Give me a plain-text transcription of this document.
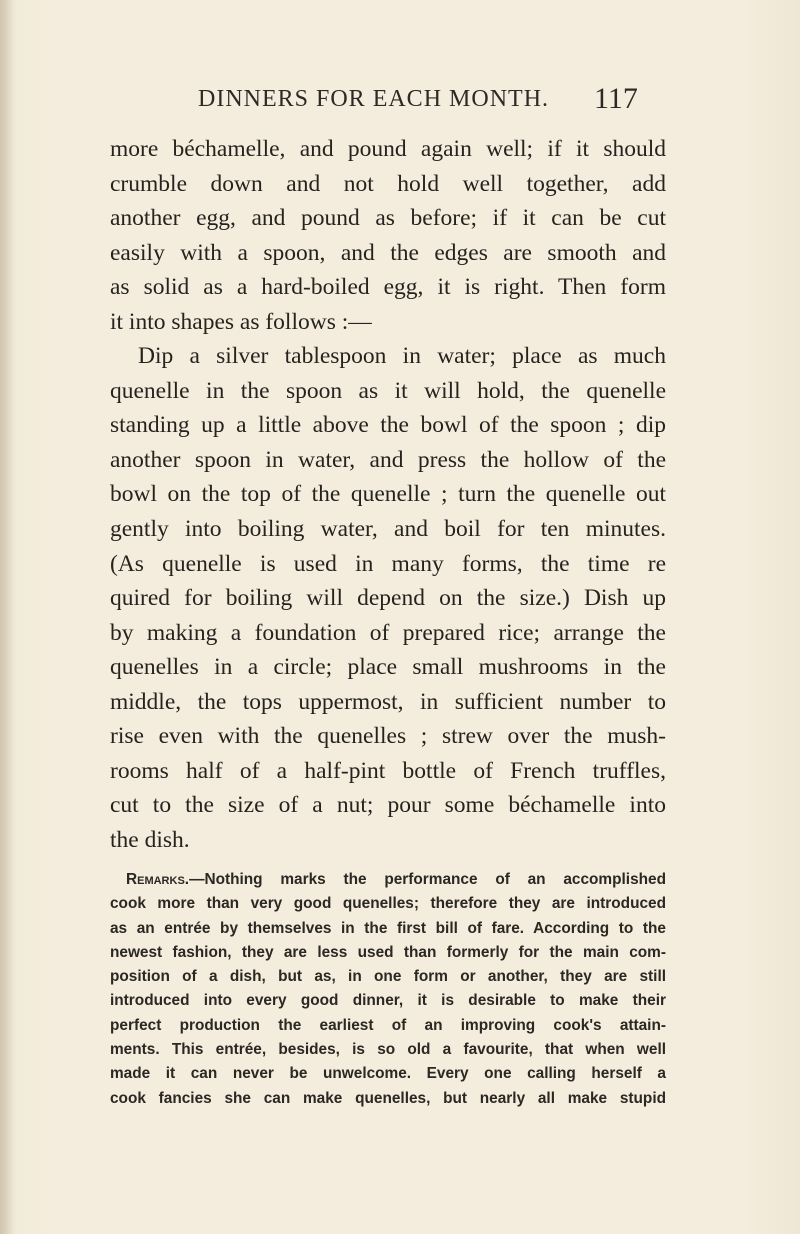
DINNERS FOR EACH MONTH. 117
more béchamelle, and pound again well; if it should
crumble down and not hold well together, add
another egg, and pound as before; if it can be cut
easily with a spoon, and the edges are smooth and
as solid as a hard-boiled egg, it is right. Then form
it into shapes as follows :—
Dip a silver tablespoon in water; place as much
quenelle in the spoon as it will hold, the quenelle
standing up a little above the bowl of the spoon ; dip
another spoon in water, and press the hollow of the
bowl on the top of the quenelle ; turn the quenelle out
gently into boiling water, and boil for ten minutes.
(As quenelle is used in many forms, the time re
quired for boiling will depend on the size.) Dish up
by making a foundation of prepared rice; arrange the
quenelles in a circle; place small mushrooms in the
middle, the tops uppermost, in sufficient number to
rise even with the quenelles ; strew over the mush-
rooms half of a half-pint bottle of French truffles,
cut to the size of a nut; pour some béchamelle into
the dish.
Remarks.—Nothing marks the performance of an accomplished
cook more than very good quenelles; therefore they are introduced
as an entrée by themselves in the first bill of fare. According to the
newest fashion, they are less used than formerly for the main com-
position of a dish, but as, in one form or another, they are still
introduced into every good dinner, it is desirable to make their
perfect production the earliest of an improving cook's attain-
ments. This entrée, besides, is so old a favourite, that when well
made it can never be unwelcome. Every one calling herself a
cook fancies she can make quenelles, but nearly all make stupid
